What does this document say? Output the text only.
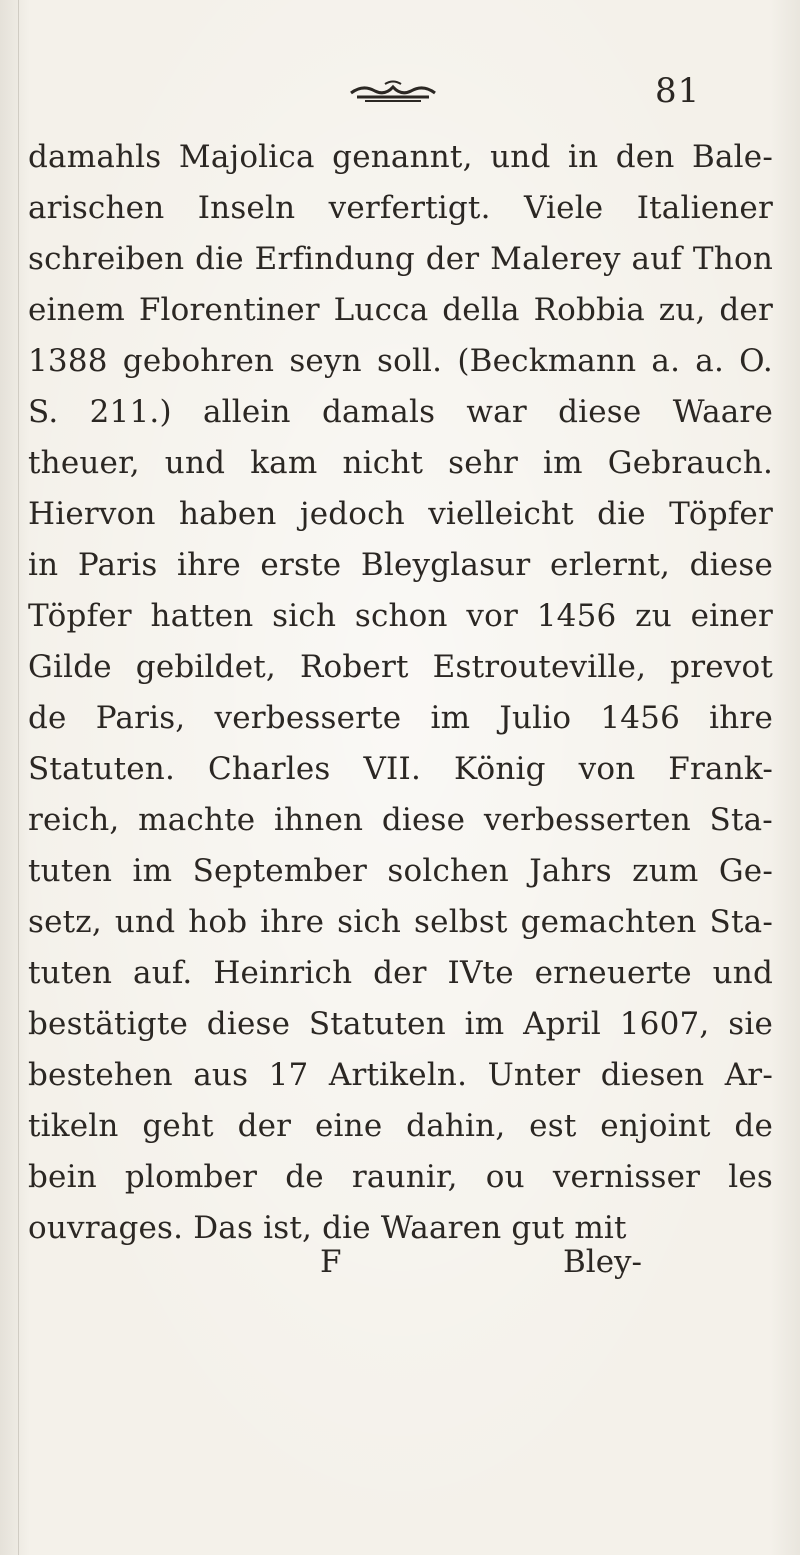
81
damahls Majolica genannt, und in den Bale-
arischen Inseln verfertigt. Viele Italiener
schreiben die Erfindung der Malerey auf Thon
einem Florentiner Lucca della Robbia zu, der
1388 gebohren seyn soll. (Beckmann a. a. O.
S. 211.) allein damals war diese Waare
theuer, und kam nicht sehr im Gebrauch.
Hiervon haben jedoch vielleicht die Töpfer
in Paris ihre erste Bleyglasur erlernt, diese
Töpfer hatten sich schon vor 1456 zu einer
Gilde gebildet, Robert Estrouteville, prevot
de Paris, verbesserte im Julio 1456 ihre
Statuten. Charles VII. König von Frank-
reich, machte ihnen diese verbesserten Sta-
tuten im September solchen Jahrs zum Ge-
setz, und hob ihre sich selbst gemachten Sta-
tuten auf. Heinrich der IVte erneuerte und
bestätigte diese Statuten im April 1607, sie
bestehen aus 17 Artikeln. Unter diesen Ar-
tikeln geht der eine dahin, est enjoint de
bein plomber de raunir, ou vernisser les
ouvrages. Das ist, die Waaren gut mit
F	Bley-
